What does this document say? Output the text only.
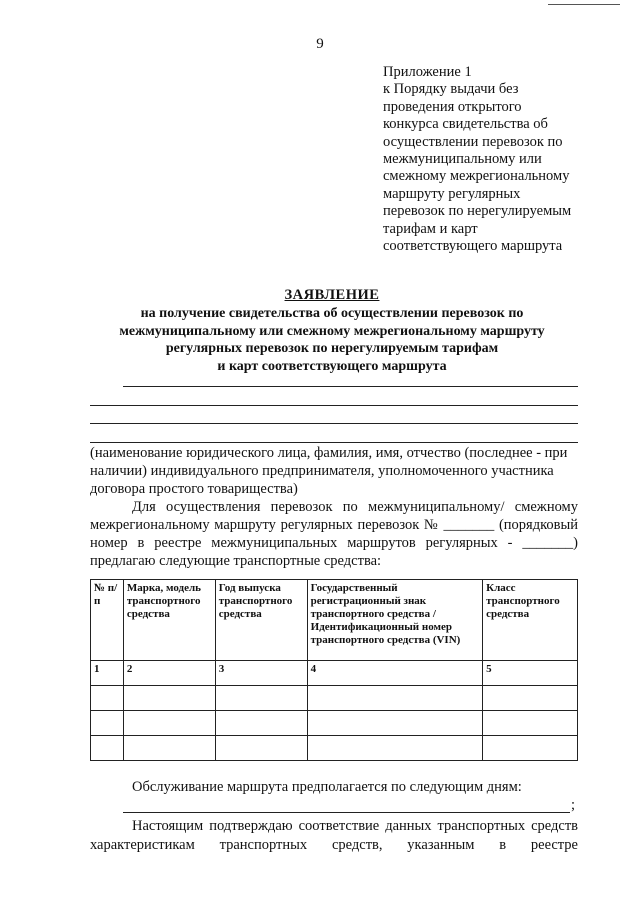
9
Приложение 1
к Порядку выдачи без
проведения открытого
конкурса свидетельства об
осуществлении перевозок по
межмуниципальному или
смежному межрегиональному
маршруту регулярных
перевозок по нерегулируемым
тарифам и карт
соответствующего маршрута
ЗАЯВЛЕНИЕ
на получение свидетельства об осуществлении перевозок по
межмуниципальному или смежному межрегиональному маршруту
регулярных перевозок по нерегулируемым тарифам
и карт соответствующего маршрута
(наименование юридического лица, фамилия, имя, отчество (последнее - при
наличии) индивидуального предпринимателя, уполномоченного участника
договора простого товарищества)
Для осуществления перевозок по межмуниципальному/ смежному
межрегиональному маршруту регулярных перевозок № _______ (порядковый
номер в реестре межмуниципальных маршрутов регулярных - _______)
предлагаю следующие транспортные средства:
№ п/п	Марка, модель транспортного средства	Год выпуска транспортного средства	Государственный регистрационный знак транспортного средства /Идентификационный номер транспортного средства (VIN)	Класс транспортного средства
1	2	3	4	5

Обслуживание маршрута предполагается по следующим дням:
;
Настоящим подтверждаю соответствие данных транспортных средств
характеристикам транспортных средств, указанным в реестре
